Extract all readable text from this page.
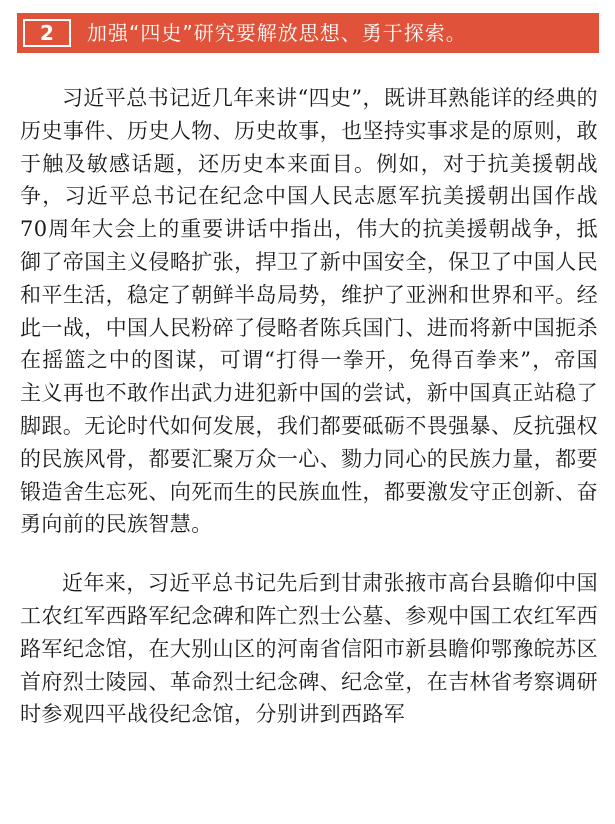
2	加强“四史”研究要解放思想、勇于探索。

习近平总书记近几年来讲“四史”，既讲耳熟能详的经典的历史事件、历史人物、历史故事，也坚持实事求是的原则，敢于触及敏感话题，还历史本来面目。例如，对于抗美援朝战争，习近平总书记在纪念中国人民志愿军抗美援朝出国作战70周年大会上的重要讲话中指出，伟大的抗美援朝战争，抵御了帝国主义侵略扩张，捍卫了新中国安全，保卫了中国人民和平生活，稳定了朝鲜半岛局势，维护了亚洲和世界和平。经此一战，中国人民粉碎了侵略者陈兵国门、进而将新中国扼杀在摇篮之中的图谋，可谓“打得一拳开，免得百拳来”，帝国主义再也不敢作出武力进犯新中国的尝试，新中国真正站稳了脚跟。无论时代如何发展，我们都要砥砺不畏强暴、反抗强权的民族风骨，都要汇聚万众一心、勠力同心的民族力量，都要锻造舍生忘死、向死而生的民族血性，都要激发守正创新、奋勇向前的民族智慧。

近年来，习近平总书记先后到甘肃张掖市高台县瞻仰中国工农红军西路军纪念碑和阵亡烈士公墓、参观中国工农红军西路军纪念馆，在大别山区的河南省信阳市新县瞻仰鄂豫皖苏区首府烈士陵园、革命烈士纪念碑、纪念堂，在吉林省考察调研时参观四平战役纪念馆，分别讲到西路军
